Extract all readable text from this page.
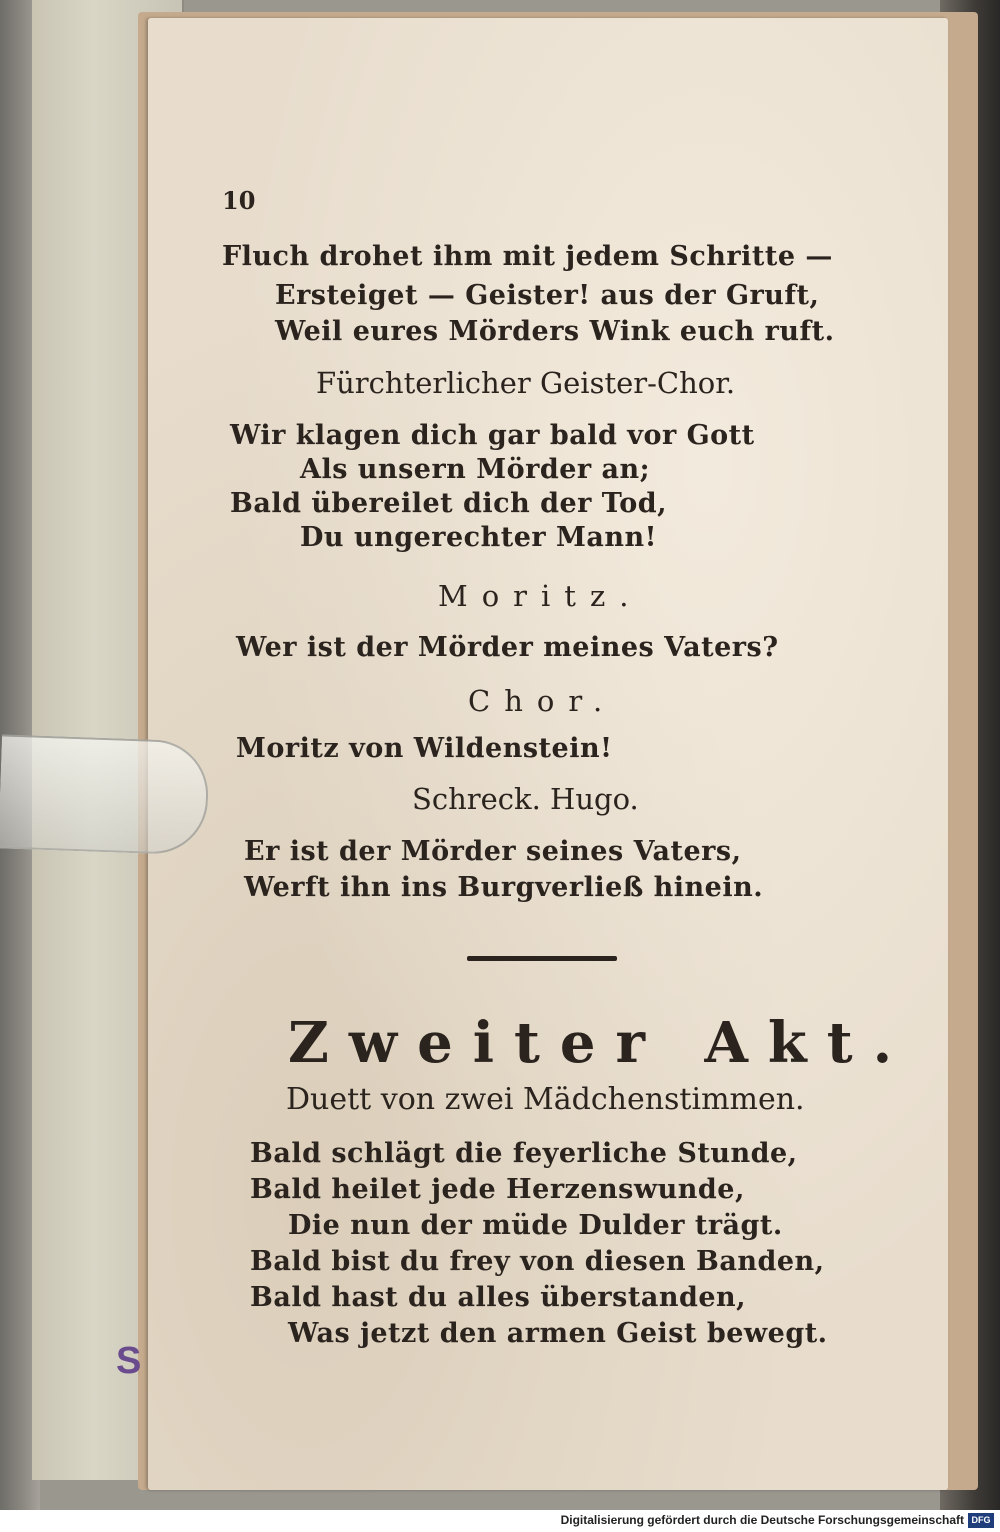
S
10
Fluch drohet ihm mit jedem Schritte —
Ersteiget — Geister! aus der Gruft,
Weil eures Mörders Wink euch ruft.
Fürchterlicher Geister-Chor.
Wir klagen dich gar bald vor Gott
Als unsern Mörder an;
Bald übereilet dich der Tod,
Du ungerechter Mann!
Moritz.
Wer ist der Mörder meines Vaters?
Chor.
Moritz von Wildenstein!
Schreck. Hugo.
Er ist der Mörder seines Vaters,
Werft ihn ins Burgverließ hinein.
Zweiter Akt.
Duett von zwei Mädchenstimmen.
Bald schlägt die feyerliche Stunde,
Bald heilet jede Herzenswunde,
Die nun der müde Dulder trägt.
Bald bist du frey von diesen Banden,
Bald hast du alles überstanden,
Was jetzt den armen Geist bewegt.
Digitalisierung gefördert durch die Deutsche Forschungsgemeinschaft DFG
